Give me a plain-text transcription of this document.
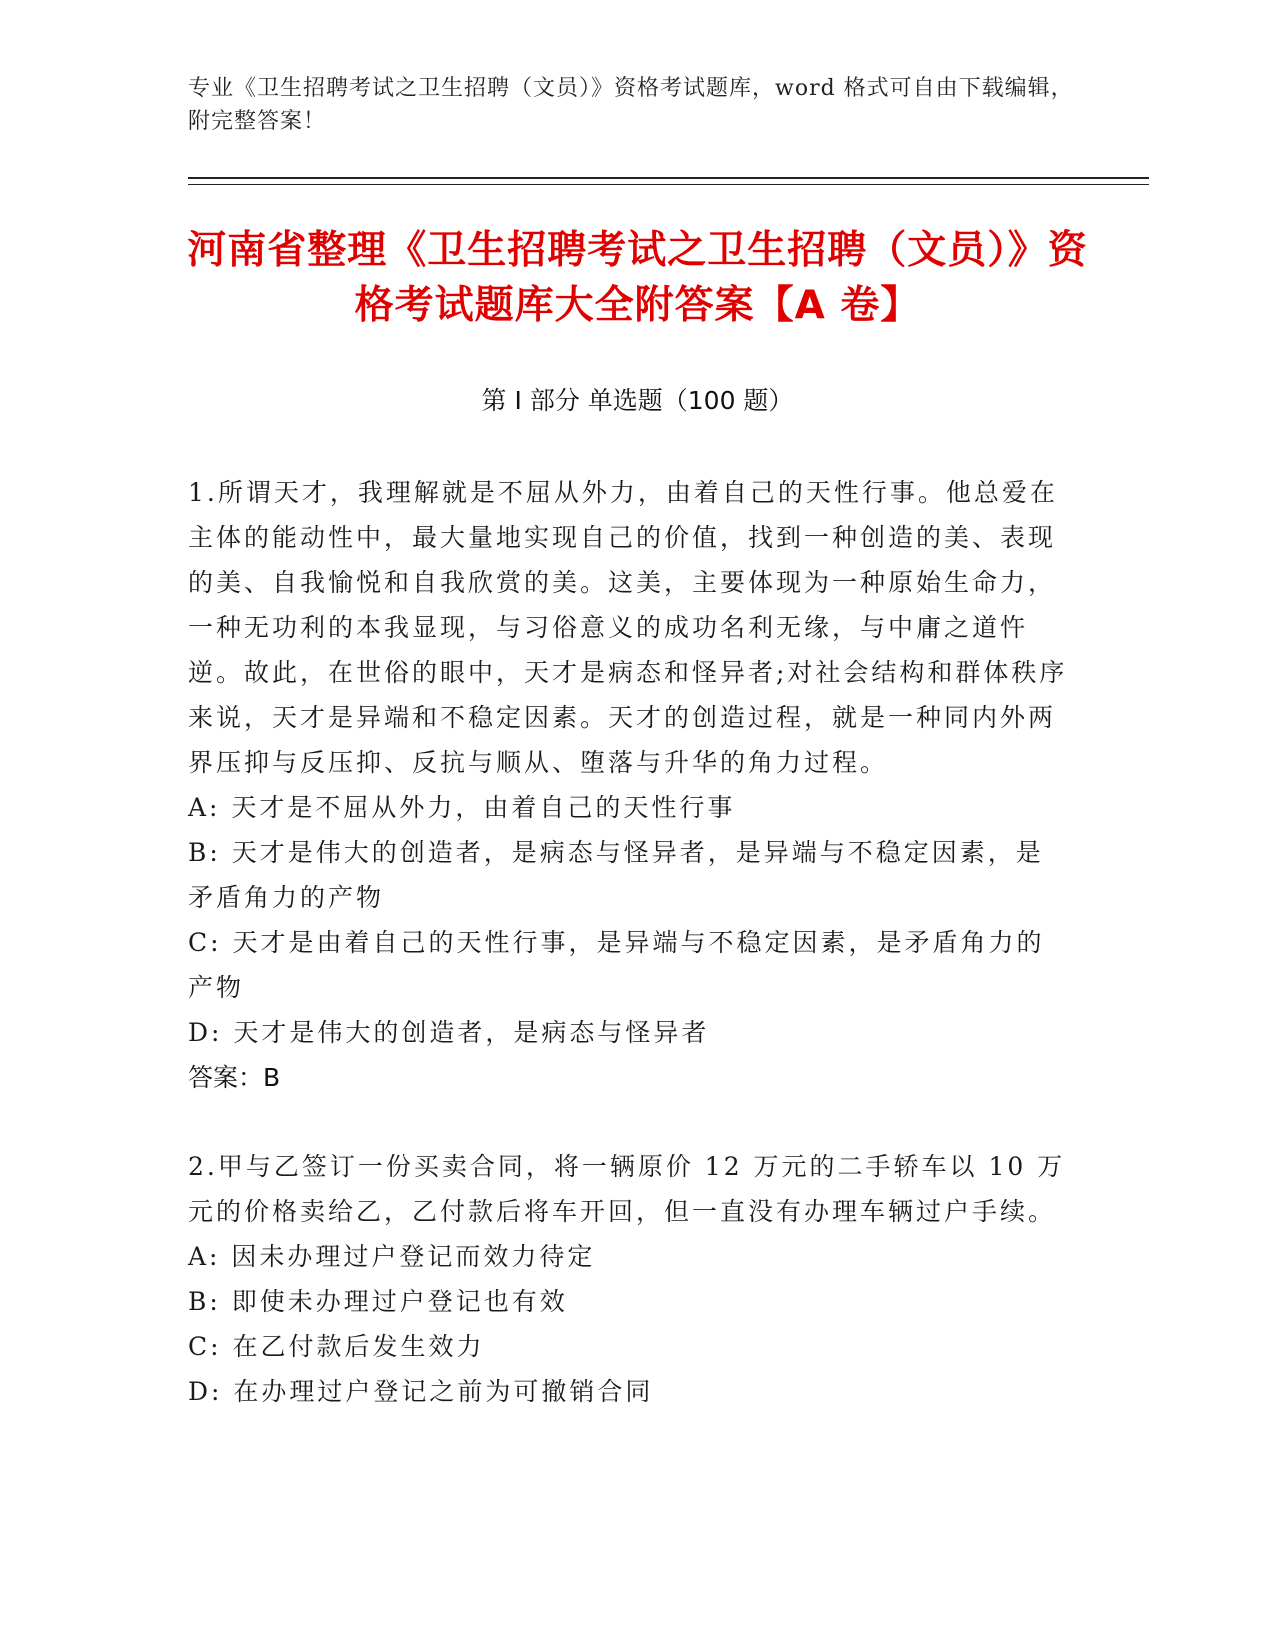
专业《卫生招聘考试之卫生招聘（文员）》资格考试题库，word 格式可自由下载编辑，附完整答案！
河南省整理《卫生招聘考试之卫生招聘（文员）》资格考试题库大全附答案【A 卷】
第 I 部分 单选题（100 题）

1.所谓天才，我理解就是不屈从外力，由着自己的天性行事。他总爱在主体的能动性中，最大量地实现自己的价值，找到一种创造的美、表现的美、自我愉悦和自我欣赏的美。这美，主要体现为一种原始生命力，一种无功利的本我显现，与习俗意义的成功名利无缘，与中庸之道忤逆。故此，在世俗的眼中，天才是病态和怪异者;对社会结构和群体秩序来说，天才是异端和不稳定因素。天才的创造过程，就是一种同内外两界压抑与反压抑、反抗与顺从、堕落与升华的角力过程。

A: 天才是不屈从外力，由着自己的天性行事

B: 天才是伟大的创造者，是病态与怪异者，是异端与不稳定因素，是矛盾角力的产物

C: 天才是由着自己的天性行事，是异端与不稳定因素，是矛盾角力的产物

D: 天才是伟大的创造者，是病态与怪异者

答案：B

2.甲与乙签订一份买卖合同，将一辆原价 12 万元的二手轿车以 10 万元的价格卖给乙，乙付款后将车开回，但一直没有办理车辆过户手续。

A: 因未办理过户登记而效力待定

B: 即使未办理过户登记也有效

C: 在乙付款后发生效力

D: 在办理过户登记之前为可撤销合同
